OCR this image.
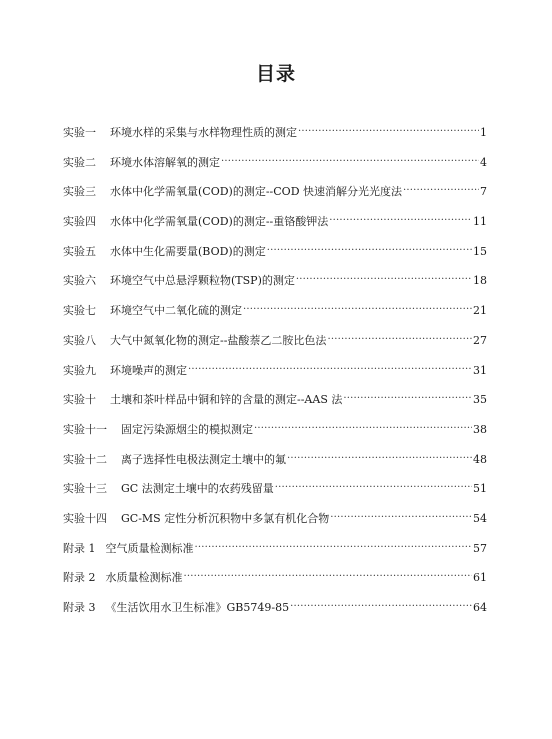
目录
实验一 环境水样的采集与水样物理性质的测定 .....	1
实验二 环境水体溶解氧的测定 .....	4
实验三 水体中化学需氧量(COD)的测定--COD 快速消解分光光度法 .....	7
实验四 水体中化学需氧量(COD)的测定--重铬酸钾法 .....	11
实验五 水体中生化需要量(BOD)的测定 .....	15
实验六 环境空气中总悬浮颗粒物(TSP)的测定 .....	18
实验七 环境空气中二氧化硫的测定 .....	21
实验八 大气中氮氧化物的测定--盐酸萘乙二胺比色法 .....	27
实验九 环境噪声的测定 .....	31
实验十 土壤和茶叶样品中铜和锌的含量的测定--AAS 法 .....	35
实验十一 固定污染源烟尘的模拟测定 .....	38
实验十二 离子选择性电极法测定土壤中的氟 .....	48
实验十三 GC 法测定土壤中的农药残留量 .....	51
实验十四 GC-MS 定性分析沉积物中多氯有机化合物 .....	54
附录 1 空气质量检测标准 .....	57
附录 2 水质量检测标准 .....	61
附录 3 《生活饮用水卫生标准》GB5749-85 .....	64
